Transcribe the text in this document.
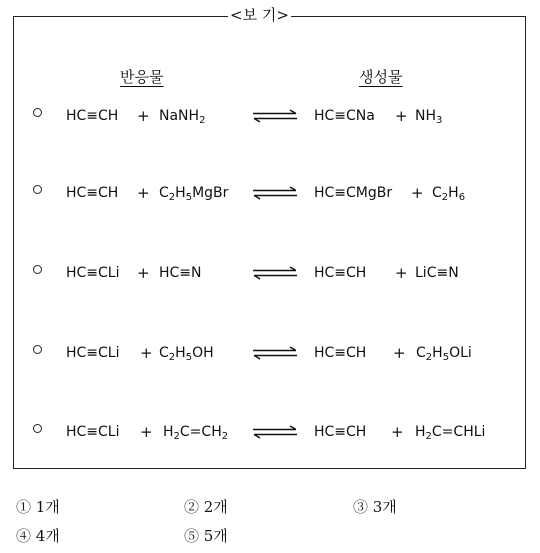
반응물	생성물
<보 기>
HC≡CH + NaNH$_2$	⇌ $HC\equiv CNa + NH_3$
$HC\equiv CH + C_2H_5MgBr$ ⇌ HC≡CMgBr + $C_2H_6$
HC≡CLi + HC≡N	⇌ HC≡CH + LiC≡N
$HC\equiv CLi + C_2H_5OH$	⇌ $HC\equiv CH + C_2H_5OLi$
$HC\equiv CLi + H_2C=CH_2$ ⇌ $HC\equiv CH + H_2C=CHLi$
① 1개	② 2개	③ 3개
④ 4개	⑤ 5개
